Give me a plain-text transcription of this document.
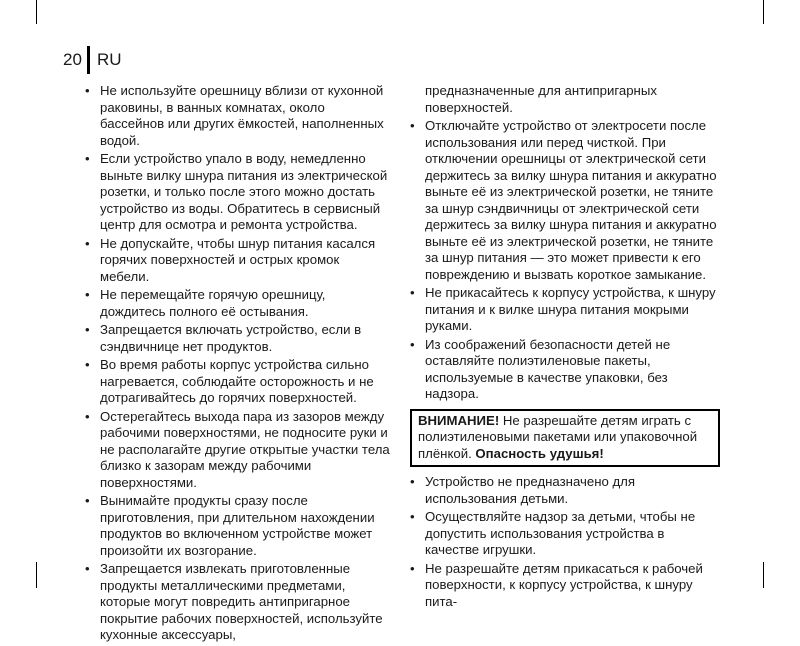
20 RU
• Не используйте орешницу вблизи от кухонной раковины, в ванных комнатах, около бассейнов или других ёмкостей, наполненных водой.
• Если устройство упало в воду, немедленно выньте вилку шнура питания из электрической розетки, и только после этого можно достать устройство из воды. Обратитесь в сервисный центр для осмотра и ремонта устройства.
• Не допускайте, чтобы шнур питания касался горячих поверхностей и острых кромок мебели.
• Не перемещайте горячую орешницу, дождитесь полного её остывания.
• Запрещается включать устройство, если в сэндвичнице нет продуктов.
• Во время работы корпус устройства сильно нагревается, соблюдайте осторожность и не дотрагивайтесь до горячих поверхностей.
• Остерегайтесь выхода пара из зазоров между рабочими поверхностями, не подносите руки и не располагайте другие открытые участки тела близко к зазорам между рабочими поверхностями.
• Вынимайте продукты сразу после приготовления, при длительном нахождении продуктов во включенном устройстве может произойти их возгорание.
• Запрещается извлекать приготовленные продукты металлическими предметами, которые могут повредить антипригарное покрытие рабочих поверхностей, используйте кухонные аксессуары,
предназначенные для антипригарных поверхностей.
• Отключайте устройство от электросети после использования или перед чисткой. При отключении орешницы от электрической сети держитесь за вилку шнура питания и аккуратно выньте её из электрической розетки, не тяните за шнур сэндвичницы от электрической сети держитесь за вилку шнура питания и аккуратно выньте её из электрической розетки, не тяните за шнур питания — это может привести к его повреждению и вызвать короткое замыкание.
• Не прикасайтесь к корпусу устройства, к шнуру питания и к вилке шнура питания мокрыми руками.
• Из соображений безопасности детей не оставляйте полиэтиленовые пакеты, используемые в качестве упаковки, без надзора.
ВНИМАНИЕ! Не разрешайте детям играть с полиэтиленовыми пакетами или упаковочной плёнкой. Опасность удушья!
• Устройство не предназначено для использования детьми.
• Осуществляйте надзор за детьми, чтобы не допустить использования устройства в качестве игрушки.
• Не разрешайте детям прикасаться к рабочей поверхности, к корпусу устройства, к шнуру пита-
